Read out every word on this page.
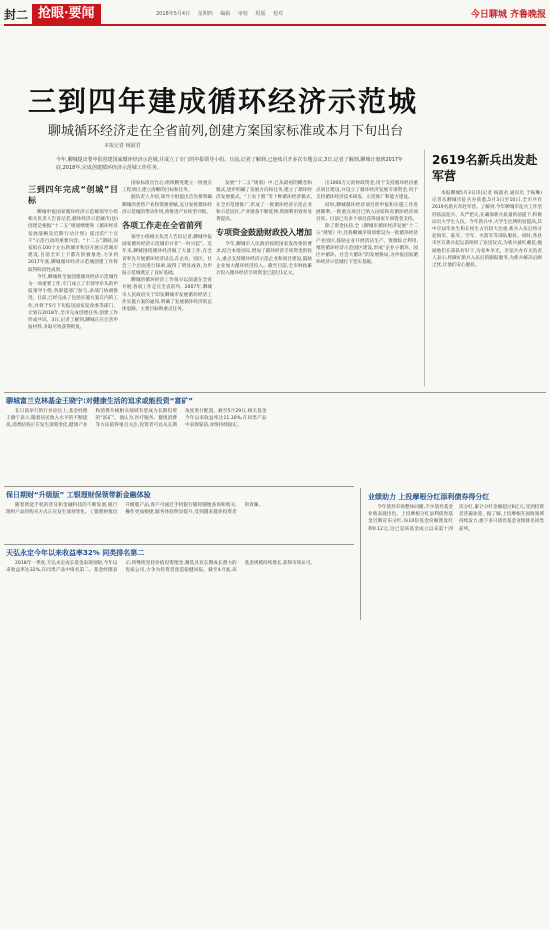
封二 抢眼·要闻	2018年5月4日 星期四 编辑 审校 组版 校对	今日聊城 齐鲁晚报
三到四年建成循环经济示范城
聊城循环经济走在全省前列,创建方案国家标准或本月下旬出台
本报记者 杨淑君
今年,聊城提出要申报创建国家循环经济示范城,并成立了专门的申报领导小组。日前,记者了解到,已连续召开多次专题会议,3日,记者了解到,聊城计划到2017年底,2018年,完成创建循环经济示范城工作任务。
三到四年完成“创城”目标

聊城申报国家循环经济示范城领导小组相关负责人告诉记者,循环经济示范城市(县)创建是根据“十二五”规划纲要和《循环经济发展战略及近期行动计划》提出的“十百千”示范行动的重要内容。“十二五”期间,国家拟在100个左右的城市和县开展示范城市建设,目前全市上下都在积极推进,力争到2017年底,聊城循环经济示范城创建工作将取得阶段性成果。

今年,聊城将全面创建循环经济示范城作为一项重要工作,专门成立了市领导牵头的申报领导小组,各职能部门参与,多部门协调推进。目前,已经完成了包括实施方案在内的工作,并将于5月下旬报送国家发改委等部门。计划在2018年,全市完成创建任务,创建工作形成共识。3日,记者了解到,聊城正在完善申报材料,争取尽快获得批复。

国家标准出台后,组织精英建立一批重点工程项目,建立清晰的目标和任务。

据负责人介绍,领导小组提出首先要明确聊城的优势产业和资源禀赋,充分发挥循环经济示范城的带动作用,将推进产业转型升级。

各项工作走在全省前列

领导小组相关负责人告诉记者,聊城申报国家循环经济示范城市并非“一时兴起”。近年来,聊城围绕循环经济做了大量工作,在全省率先开展循环经济试点,在企业、园区、社会三个层面进行探索,取得了明显成效,为申报示范城奠定了良好基础。

聊城的循环经济工作很早以前就在全省开展,各项工作走在全省前列。2007年,聊城市人民政府关于印发聊城市发展循环经济工作实施方案的通知,明确了发展循环经济的总体思路、主要目标和重点任务。

发展“十二五”规划》中,已从最初的概念和模式,逐步明确了发展方向和任务,建立了循环经济发展模式。“上农下渔”等十种循环经济模式,在全市范围推广,形成了一批循环经济示范企业和示范园区,产业链条不断延伸,资源利用效率显著提高。

专项资金鼓励财政投入增加

今年,聊城市人民政府按照国家发改委的要求,结合本地实际,增加了循环经济专项资金的投入,重点支持循环经济示范企业和项目建设,鼓励企业加大循环经济投入。截至目前,全市财政累计投入循环经济专项资金已超过1亿元。

出1000万元的财政资金,用于支持循环经济重点项目建设,并设立了循环经济发展专项资金,用于支持循环经济技术研发、示范推广和能力建设。

同时,聊城循环经济项目的申报和实施工作进展顺利,一批重点项目已纳入国家和省循环经济项目库。目前已有多个项目获得国家专项资金支持。

除了资金扶持,全《聊城市循环经济发展“十二五”规划》中,还将聊城市规划建设为一批循环经济产业园区,鼓励企业开展清洁生产、资源综合利用,推进循环经济示范园区建设,形成“企业小循环、园区中循环、社会大循环”的发展格局,为申报国家循环经济示范城打下坚实基础。

2619名新兵出发赴军营

本报聊城5月3日讯(记者 杨淑君 通讯员 于振琳)记者从聊城市征兵办获悉,5月3日至10日,全市共有2619名新兵奔赴军营。了解到,今年聊城市征兵工作坚持依法征兵、从严把关,在确保新兵质量的前提下,积极动员大学生入伍。今年新兵中,大学生比例明显提高,其中应届毕业生和在校生占有较大比重,新兵入伍后将分赴海军、陆军、空军、火箭军等部队服役。同时,各县市区在新兵起运前组织了欢送仪式,为新兵披红戴花,勉励他们在部队好好干,为家乡争光。市征兵办有关负责人表示,将做好新兵入伍后的跟踪服务,为新兵解决后顾之忧,让他们安心服役。

聊城富兰克林基金王晓宁:对健康生活的追求或能投资“富矿”

在日前举行的行业论坛上,基金经理王晓宁表示,随着居民收入水平的不断提高,消费结构正在发生深刻变化,健康产业和消费升级相关领域有望成为长期投资的“富矿”。他认为,医疗服务、健康消费等方向值得重点关注,投资者可以从长期角度进行配置。截至5月29日,相关基金今年以来收益率达11.30%,在同类产品中表现靠前,业绩持续稳定。

保日期财“升级版” 工银理财保领带新金融体验

随着智能手机的普及和金融科技的不断发展,银行理财产品的购买方式正在发生深刻变化。工银理财推出升级版产品,客户可通过手机银行随时随地查询和购买,操作更加便捷,服务体验明显提升,受到越来越多投资者的青睐。

天弘永定今年以来收益率32% 同类排名第二

2018年一季度,天弘永定成长基金表现亮眼,今年以来收益率达32%,在同类产品中排名第二。基金经理表示,将继续坚持价值投资理念,精选具有长期成长潜力的优质公司,力争为投资者创造稳健回报。截至4月底,该基金规模持续增长,获得市场认可。

业绩助力 上投摩根分红添利债券得分红

今年债券市场整体回暖,不少债券基金业绩表现出色。上投摩根分红添利债券基金近期宣布分红,每10份基金份额派发红利0.12元,这已是该基金成立以来第十四次分红,累计分红金额超过6亿元,受到投资者普遍欢迎。据了解,上投摩根在固收领域持续发力,旗下多只债券基金业绩排名同类前列。
